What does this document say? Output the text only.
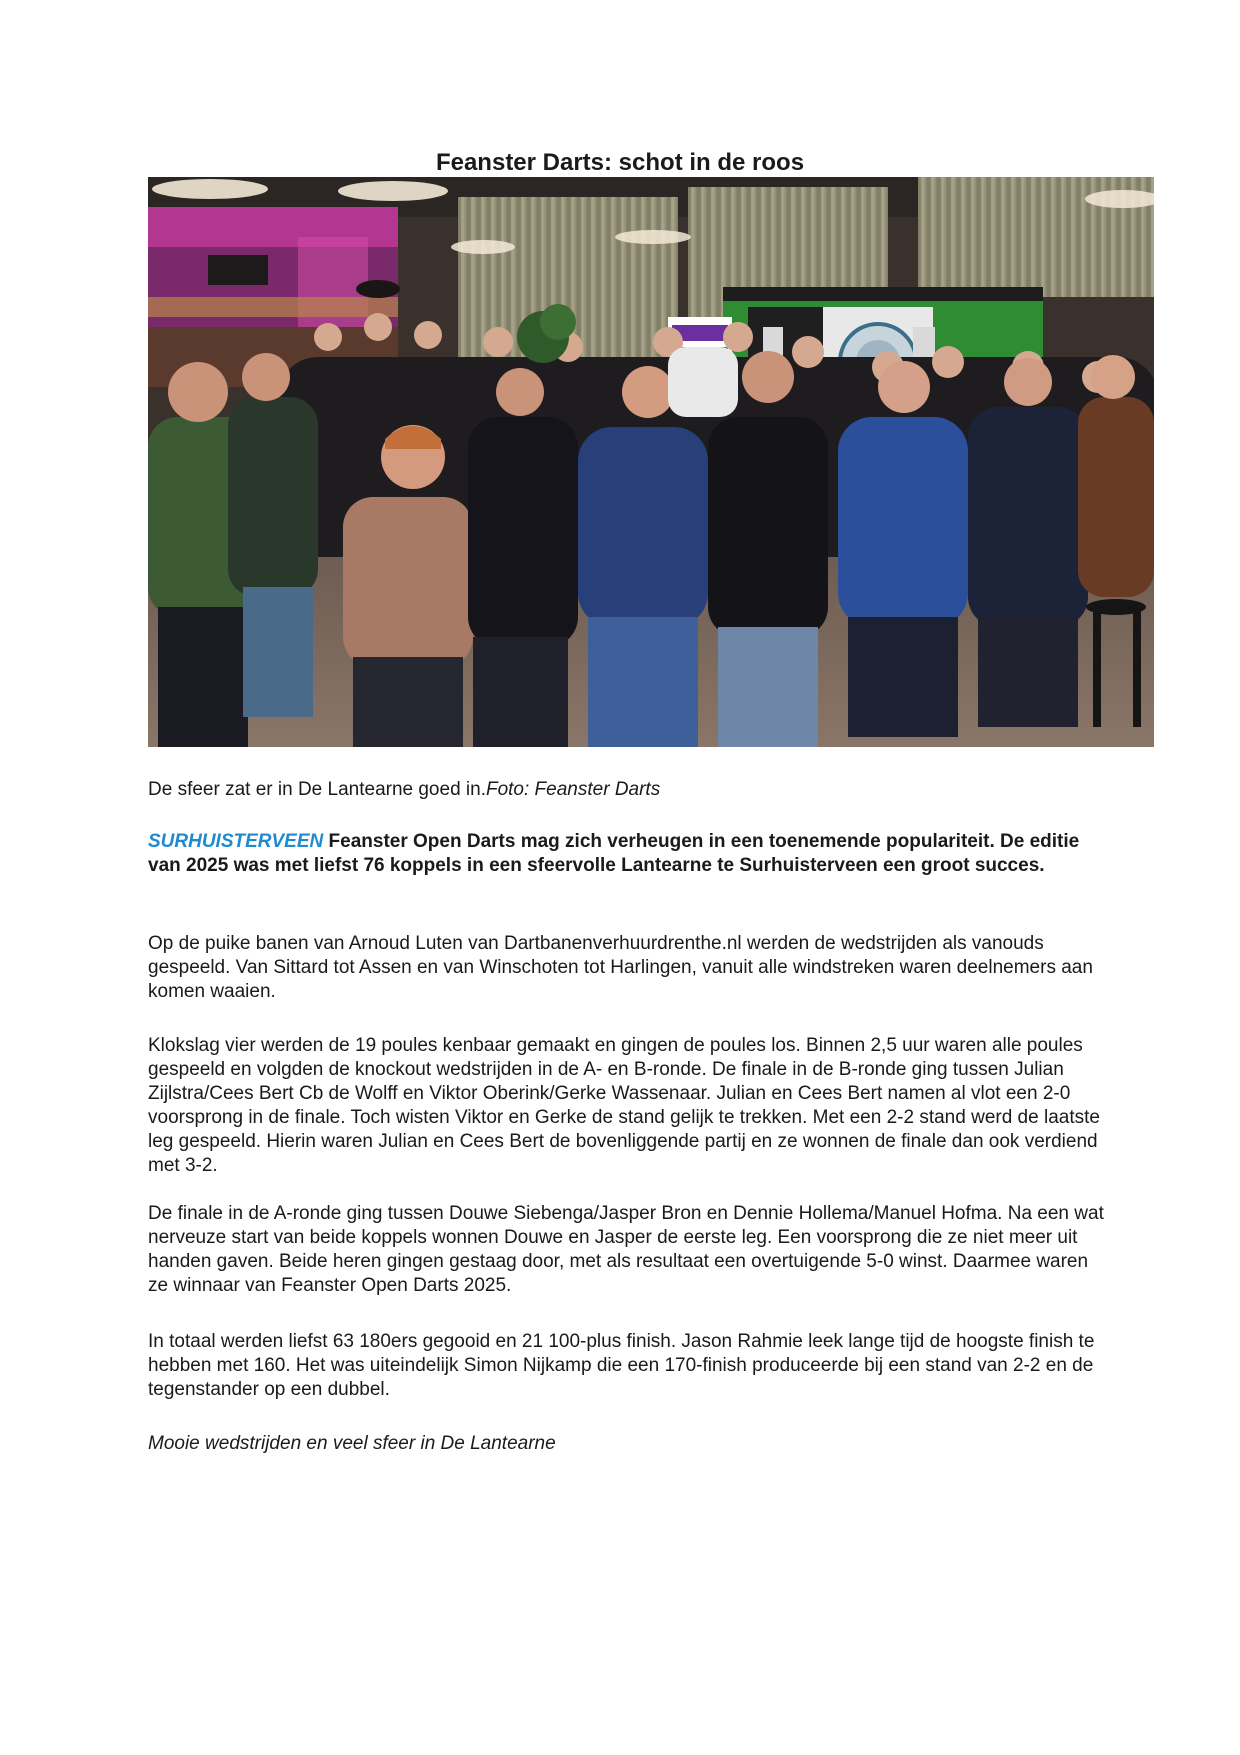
Feanster Darts: schot in de roos

De sfeer zat er in De Lantearne goed in.Foto: Feanster Darts

SURHUISTERVEEN Feanster Open Darts mag zich verheugen in een toenemende populariteit. De editie van 2025 was met liefst 76 koppels in een sfeervolle Lantearne te Surhuisterveen een groot succes.

Op de puike banen van Arnoud Luten van Dartbanenverhuurdrenthe.nl werden de wedstrijden als vanouds gespeeld. Van Sittard tot Assen en van Winschoten tot Harlingen, vanuit alle windstreken waren deelnemers aan komen waaien.

Klokslag vier werden de 19 poules kenbaar gemaakt en gingen de poules los. Binnen 2,5 uur waren alle poules gespeeld en volgden de knockout wedstrijden in de A- en B-ronde. De finale in de B-ronde ging tussen Julian Zijlstra/Cees Bert Cb de Wolff en Viktor Oberink/Gerke Wassenaar. Julian en Cees Bert namen al vlot een 2-0 voorsprong in de finale. Toch wisten Viktor en Gerke de stand gelijk te trekken. Met een 2-2 stand werd de laatste leg gespeeld. Hierin waren Julian en Cees Bert de bovenliggende partij en ze wonnen de finale dan ook verdiend met 3-2.

De finale in de A-ronde ging tussen Douwe Siebenga/Jasper Bron en Dennie Hollema/Manuel Hofma. Na een wat nerveuze start van beide koppels wonnen Douwe en Jasper de eerste leg. Een voorsprong die ze niet meer uit handen gaven. Beide heren gingen gestaag door, met als resultaat een overtuigende 5-0 winst. Daarmee waren ze winnaar van Feanster Open Darts 2025.

In totaal werden liefst 63 180ers gegooid en 21 100-plus finish. Jason Rahmie leek lange tijd de hoogste finish te hebben met 160. Het was uiteindelijk Simon Nijkamp die een 170-finish produceerde bij een stand van 2-2 en de tegenstander op een dubbel.

Mooie wedstrijden en veel sfeer in De Lantearne
